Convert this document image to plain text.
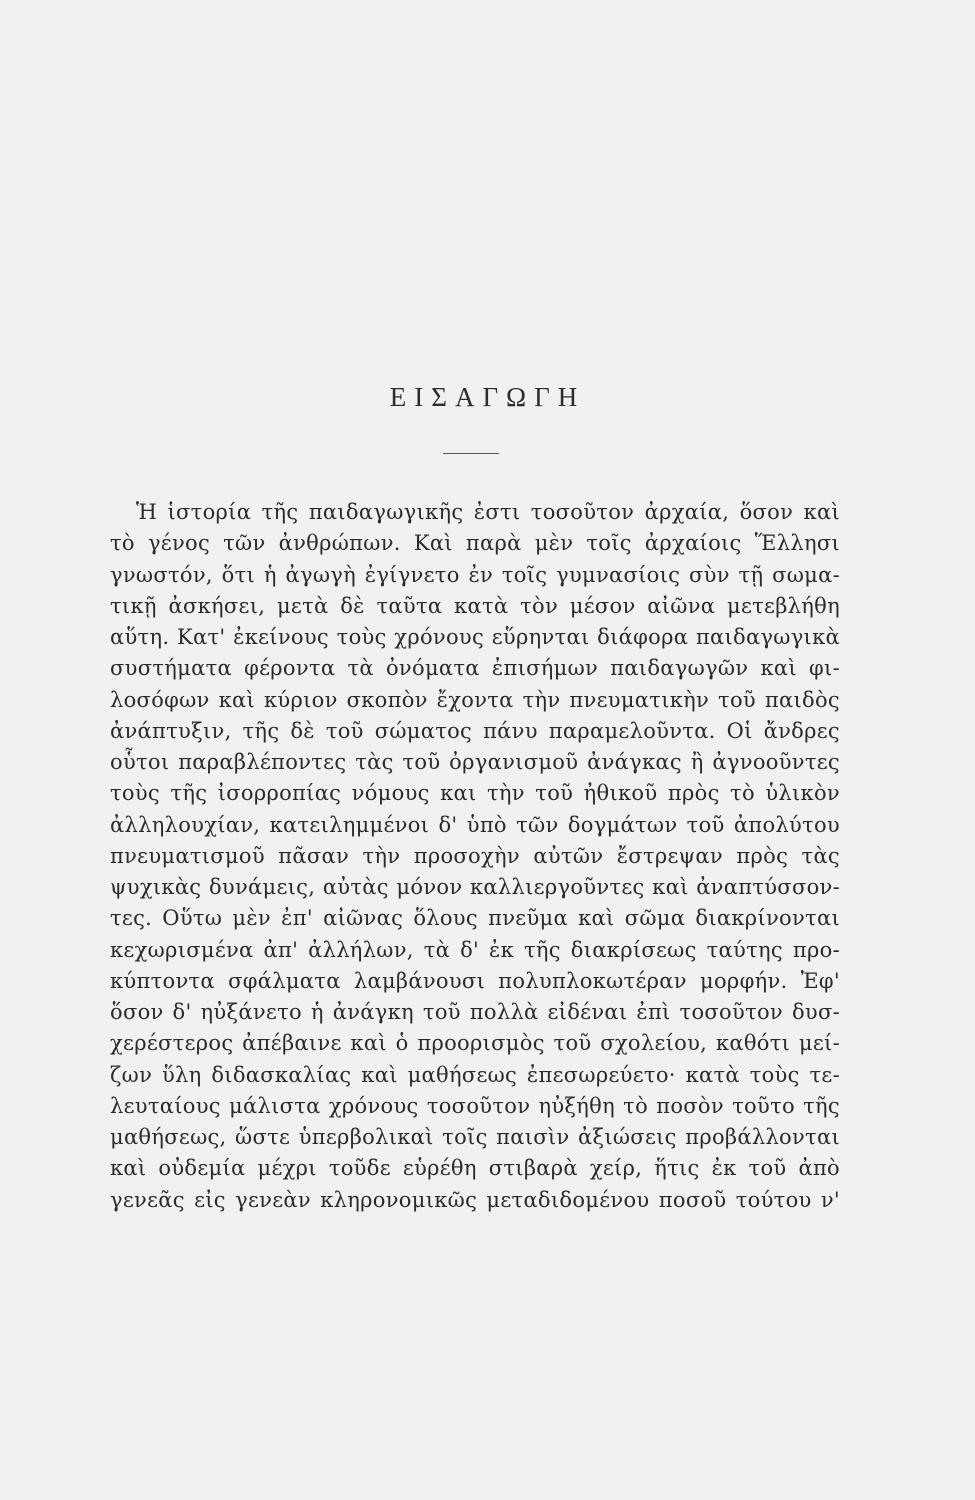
ΕΙΣΑΓΩΓΗ
Ἡ ἱστορία τῆς παιδαγωγικῆς ἐστι τοσοῦτον ἀρχαία, ὅσον καὶ
τὸ γένος τῶν ἀνθρώπων. Καὶ παρὰ μὲν τοῖς ἀρχαίοις Ἕλλησι
γνωστόν, ὅτι ἡ ἀγωγὴ ἐγίγνετο ἐν τοῖς γυμνασίοις σὺν τῇ σωμα-
τικῇ ἀσκήσει, μετὰ δὲ ταῦτα κατὰ τὸν μέσον αἰῶνα μετεβλήθη
αὕτη. Κατ' ἐκείνους τοὺς χρόνους εὕρηνται διάφορα παιδαγωγικὰ
συστήματα φέροντα τὰ ὀνόματα ἐπισήμων παιδαγωγῶν καὶ φι-
λοσόφων καὶ κύριον σκοπὸν ἔχοντα τὴν πνευματικὴν τοῦ παιδὸς
ἀνάπτυξιν, τῆς δὲ τοῦ σώματος πάνυ παραμελοῦντα. Οἱ ἄνδρες
οὗτοι παραβλέποντες τὰς τοῦ ὀργανισμοῦ ἀνάγκας ἢ ἀγνοοῦντες
τοὺς τῆς ἰσορροπίας νόμους και τὴν τοῦ ἠθικοῦ πρὸς τὸ ὑλικὸν
ἀλληλουχίαν, κατειλημμένοι δ' ὑπὸ τῶν δογμάτων τοῦ ἀπολύτου
πνευματισμοῦ πᾶσαν τὴν προσοχὴν αὐτῶν ἔστρεψαν πρὸς τὰς
ψυχικὰς δυνάμεις, αὐτὰς μόνον καλλιεργοῦντες καὶ ἀναπτύσσον-
τες. Οὕτω μὲν ἐπ' αἰῶνας ὅλους πνεῦμα καὶ σῶμα διακρίνονται
κεχωρισμένα ἀπ' ἀλλήλων, τὰ δ' ἐκ τῆς διακρίσεως ταύτης προ-
κύπτοντα σφάλματα λαμβάνουσι πολυπλοκωτέραν μορφήν. Ἐφ'
ὅσον δ' ηὐξάνετο ἡ ἀνάγκη τοῦ πολλὰ εἰδέναι ἐπὶ τοσοῦτον δυσ-
χερέστερος ἀπέβαινε καὶ ὁ προορισμὸς τοῦ σχολείου, καθότι μεί-
ζων ὕλη διδασκαλίας καὶ μαθήσεως ἐπεσωρεύετο· κατὰ τοὺς τε-
λευταίους μάλιστα χρόνους τοσοῦτον ηὐξήθη τὸ ποσὸν τοῦτο τῆς
μαθήσεως, ὥστε ὑπερβολικαὶ τοῖς παισὶν ἀξιώσεις προβάλλονται
καὶ οὐδεμία μέχρι τοῦδε εὑρέθη στιβαρὰ χείρ, ἥτις ἐκ τοῦ ἀπὸ
γενεᾶς εἰς γενεὰν κληρονομικῶς μεταδιδομένου ποσοῦ τούτου ν'
